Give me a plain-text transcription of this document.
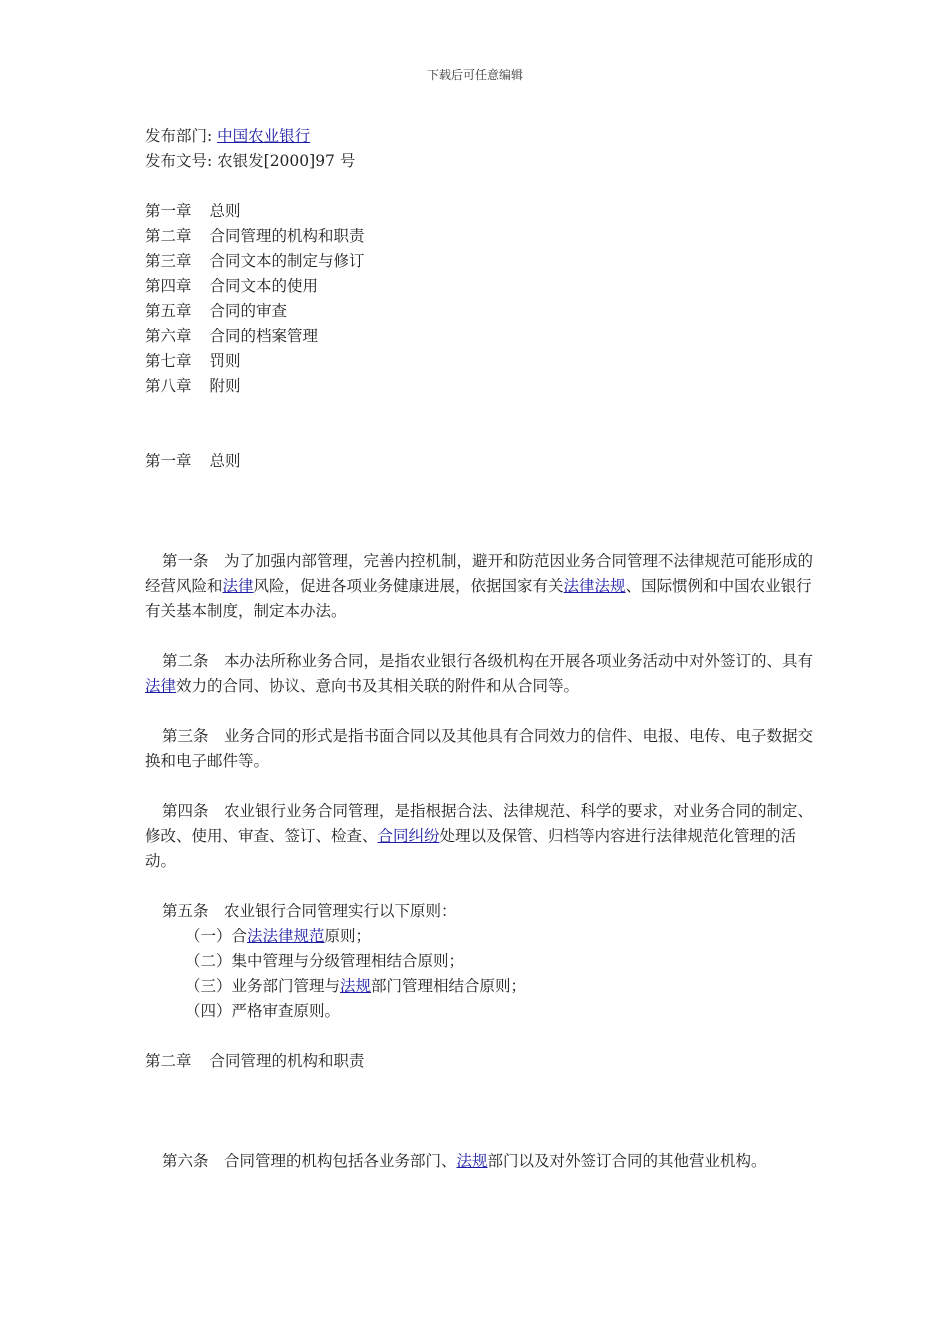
下载后可任意编辑
发布部门: 中国农业银行
发布文号: 农银发[2000]97 号
第一章 总则
第二章 合同管理的机构和职责
第三章 合同文本的制定与修订
第四章 合同文本的使用
第五章 合同的审查
第六章 合同的档案管理
第七章 罚则
第八章 附则
第一章 总则

第一条　为了加强内部管理，完善内控机制，避开和防范因业务合同管理不法律规范可能形成的经营风险和法律风险，促进各项业务健康进展，依据国家有关法律法规、国际惯例和中国农业银行有关基本制度，制定本办法。

第二条　本办法所称业务合同，是指农业银行各级机构在开展各项业务活动中对外签订的、具有法律效力的合同、协议、意向书及其相关联的附件和从合同等。

第三条　业务合同的形式是指书面合同以及其他具有合同效力的信件、电报、电传、电子数据交换和电子邮件等。

第四条　农业银行业务合同管理，是指根据合法、法律规范、科学的要求，对业务合同的制定、修改、使用、审查、签订、检查、合同纠纷处理以及保管、归档等内容进行法律规范化管理的活动。

第五条　农业银行合同管理实行以下原则：

（一）合法法律规范原则；
（二）集中管理与分级管理相结合原则；
（三）业务部门管理与法规部门管理相结合原则；
（四）严格审查原则。
第二章 合同管理的机构和职责

第六条　合同管理的机构包括各业务部门、法规部门以及对外签订合同的其他营业机构。
